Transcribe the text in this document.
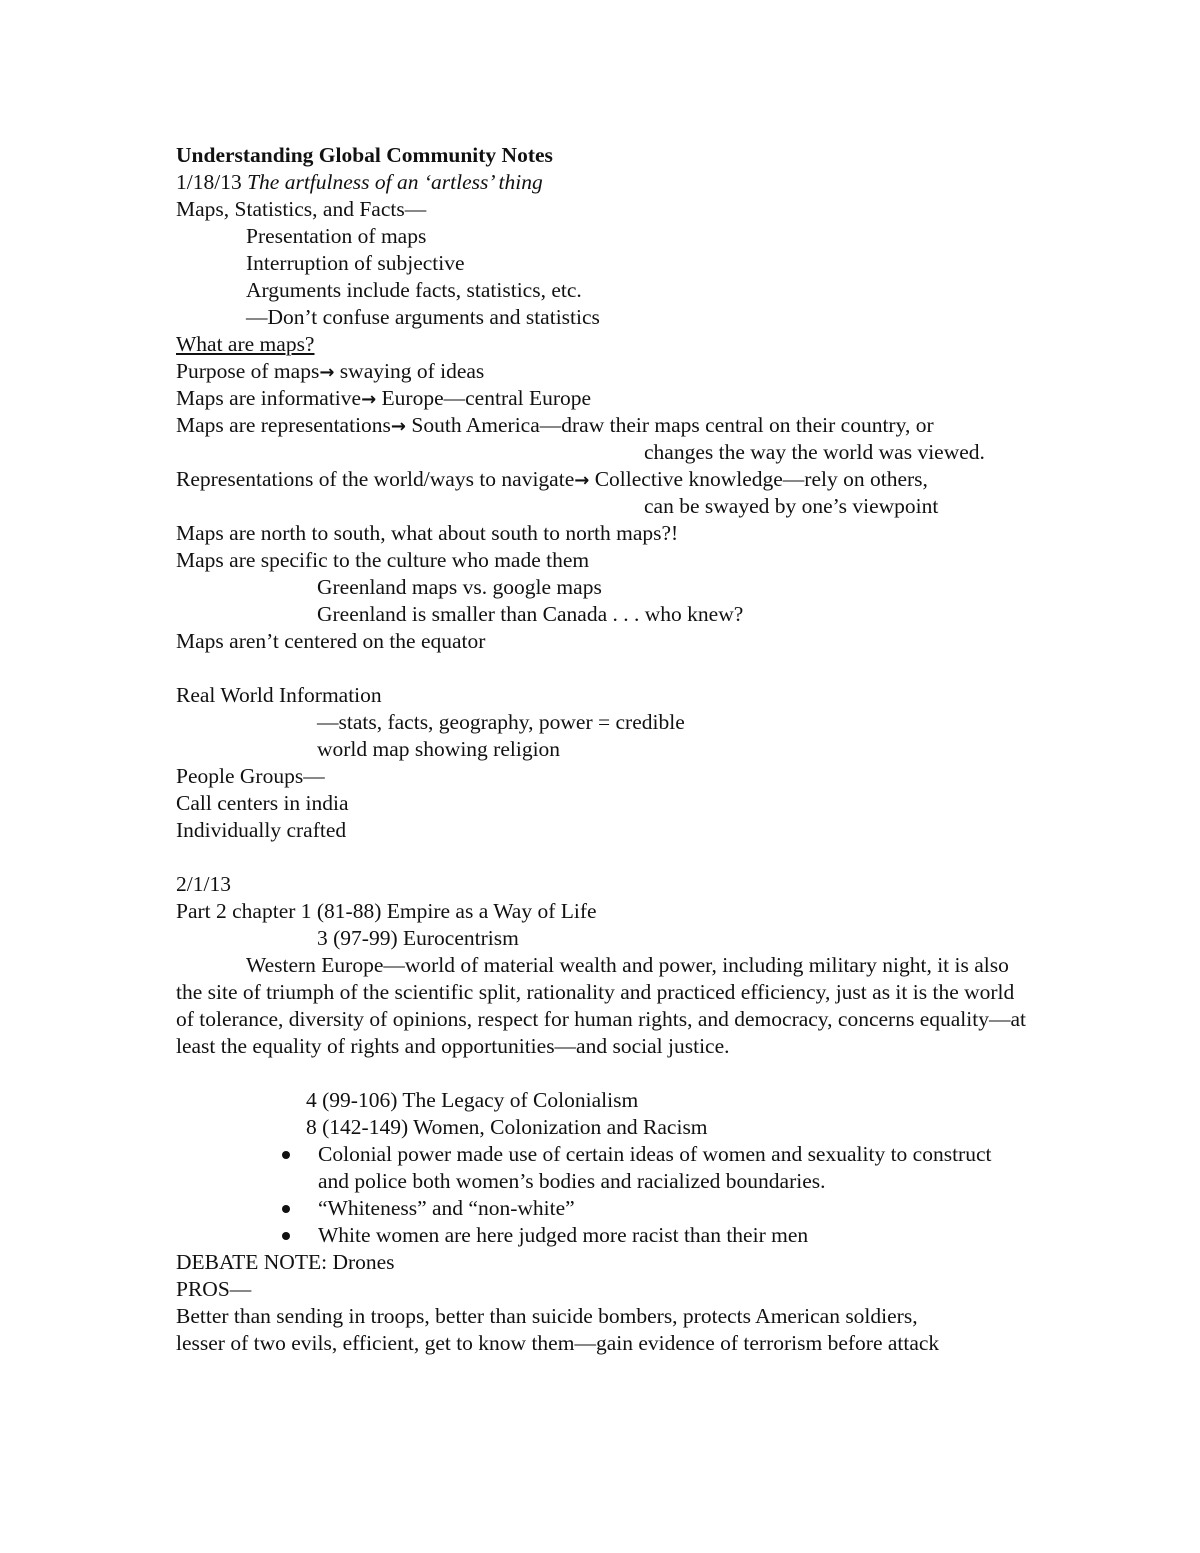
Understanding Global Community Notes
1/18/13 The artfulness of an ‘artless’ thing
Maps, Statistics, and Facts—
Presentation of maps
Interruption of subjective
Arguments include facts, statistics, etc.
—Don’t confuse arguments and statistics
What are maps?
Purpose of maps→ swaying of ideas
Maps are informative→ Europe—central Europe
Maps are representations→ South America—draw their maps central on their country, or
changes the way the world was viewed.
Representations of the world/ways to navigate→ Collective knowledge—rely on others,
can be swayed by one’s viewpoint
Maps are north to south, what about south to north maps?!
Maps are specific to the culture who made them
Greenland maps vs. google maps
Greenland is smaller than Canada . . . who knew?
Maps aren’t centered on the equator
Real World Information
—stats, facts, geography, power = credible
world map showing religion
People Groups—
Call centers in india
Individually crafted
2/1/13
Part 2 chapter 1 (81-88) Empire as a Way of Life
3 (97-99) Eurocentrism
Western Europe—world of material wealth and power, including military night, it is also the site of triumph of the scientific split, rationality and practiced efficiency, just as it is the world of tolerance, diversity of opinions, respect for human rights, and democracy, concerns equality—at least the equality of rights and opportunities—and social justice.
4 (99-106) The Legacy of Colonialism
8 (142-149) Women, Colonization and Racism
Colonial power made use of certain ideas of women and sexuality to construct and police both women’s bodies and racialized boundaries.
“Whiteness” and “non-white”
White women are here judged more racist than their men
DEBATE NOTE: Drones
PROS—
Better than sending in troops, better than suicide bombers, protects American soldiers,
lesser of two evils, efficient, get to know them—gain evidence of terrorism before attack
